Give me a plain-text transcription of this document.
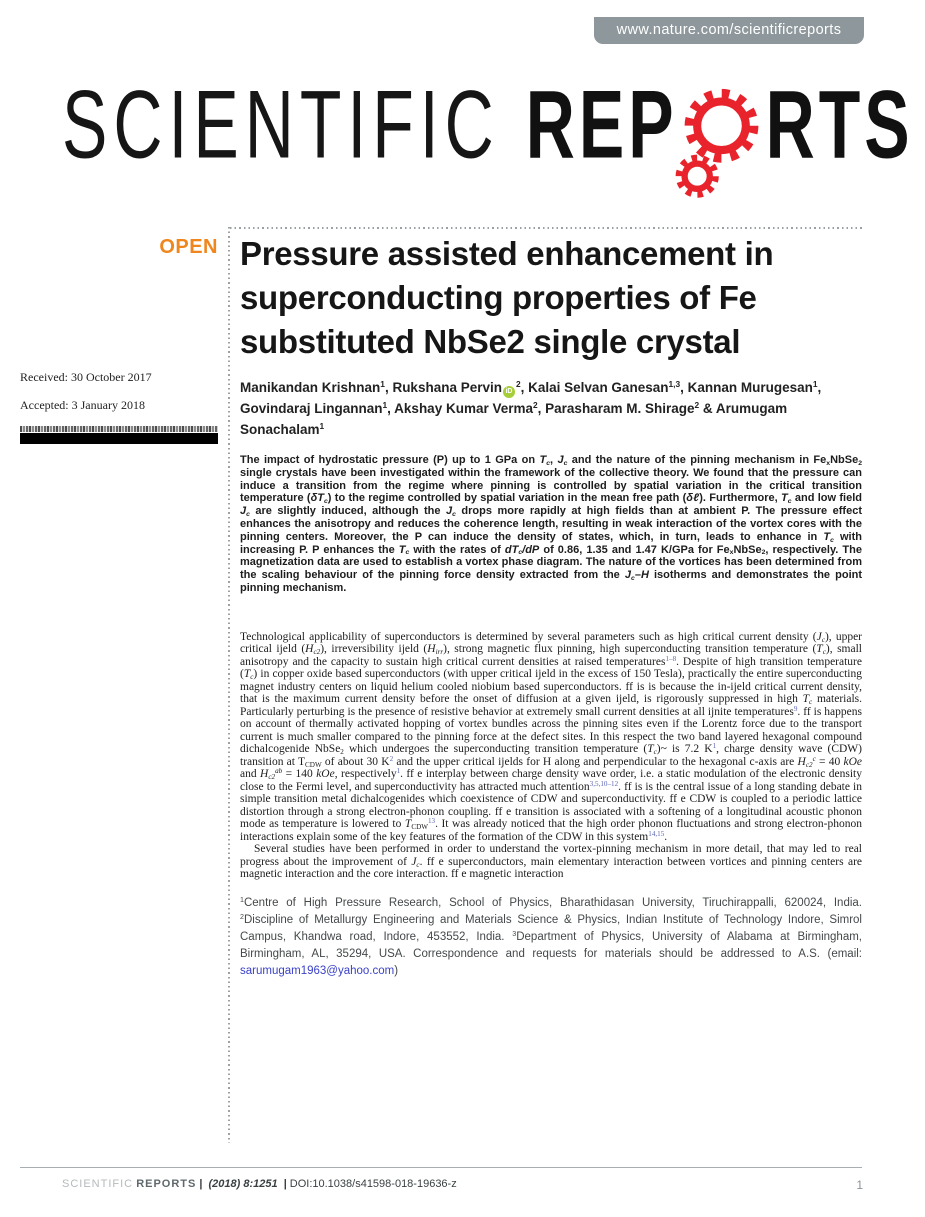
www.nature.com/scientificreports
SCIENTIFIC REP RTS
OPEN

Received: 30 October 2017

Accepted: 3 January 2018

Pressure assisted enhancement in
superconducting properties of Fe
substituted NbSe2 single crystal
Manikandan Krishnan$^1$, Rukshana Pervin $iD^2$, Kalai Selvan Ganesan$^{1,3}$, Kannan Murugesan$^1$, Govindaraj Lingannan$^1$, Akshay Kumar Verma$^2$, Parasharam M. Shirage$^2$ & Arumugam Sonachalam$^1$
The impact of hydrostatic pressure (P) up to 1 GPa on $T_c$, $J_c$ and the nature of the pinning mechanism in $Fe_xNbSe_2$ single crystals have been investigated within the framework of the collective theory. We found that the pressure can induce a transition from the regime where pinning is controlled by spatial variation in the critical transition temperature $(\delta T_c)$ to the regime controlled by spatial variation in the mean free path (δℓ). Furthermore, $T_c$ and low field $J_c$ are slightly induced, although the $J_c$ drops more rapidly at high fields than at ambient P. The pressure effect enhances the anisotropy and reduces the coherence length, resulting in weak interaction of the vortex cores with the pinning centers. Moreover, the P can induce the density of states, which, in turn, leads to enhance in $T_c$ with increasing P. P enhances the $T_c$ with the rates of $dT_c/dP$ of 0.86, 1.35 and 1.47 K/GPa for $Fe_xNbSe_2$, respectively. The magnetization data are used to establish a vortex phase diagram. The nature of the vortices has been determined from the scaling behaviour of the pinning force density extracted from the $J_c-H$ isotherms and demonstrates the point pinning mechanism.

Technological applicability of superconductors is determined by several parameters such as high critical current density $(J_c)$, upper critical ijeld $(H_{c2})$, irreversibility ijeld $(H_{irr})$, strong magnetic flux pinning, high superconducting transition temperature $(T_c)$, small anisotropy and the capacity to sustain high critical current densities at raised temperatures$^{1-8}$. Despite of high transition temperature $(T_c)$ in copper oxide based superconductors (with upper critical ijeld in the excess of 150 Tesla), practically the entire superconducting magnet industry centers on liquid helium cooled niobium based superconductors. ff is is because the in-ijeld critical current density, that is the maximum current density before the onset of diffusion at a given ijeld, is rigorously suppressed in high $T_c$ materials. Particularly perturbing is the presence of resistive behavior at extremely small current densities at all ijnite temperatures$^9$. ff is happens on account of thermally activated hopping of vortex bundles across the pinning sites even if the Lorentz force due to the transport current is much smaller compared to the pinning force at the defect sites. In this respect the two band layered hexagonal compound dichalcogenide NbSe$_2$ which undergoes the superconducting transition temperature $(T_c)\sim$ is 7.2 K$^1$, charge density wave (CDW) transition at $T_{CDW}$ of about 30 K$^2$ and the upper critical ijelds for H along and perpendicular to the hexagonal c-axis are $H_{c2}^c = 40$ kOe and $H_{c2}^{ab} = 140$ kOe, respectively$^1$. ff e interplay between charge density wave order, i.e. a static modulation of the electronic density close to the Fermi level, and superconductivity has attracted much attention$^{3,5,10-12}$. ff is is the central issue of a long standing debate in simple transition metal dichalcogenides which coexistence of CDW and superconductivity. ff e CDW is coupled to a periodic lattice distortion through a strong electron-phonon coupling. ff e transition is associated with a softening of a longitudinal acoustic phonon mode as temperature is lowered to $T_{CDW}^{13}$. It was already noticed that the high order phonon fluctuations and strong electron-phonon interactions explain some of the key features of the formation of the CDW in this system$^{14,15}$.

Several studies have been performed in order to understand the vortex-pinning mechanism in more detail, that may led to real progress about the improvement of $J_c$. ff e superconductors, main elementary interaction between vortices and pinning centers are magnetic interaction and the core interaction. ff e magnetic interaction

$^1$Centre of High Pressure Research, School of Physics, Bharathidasan University, Tiruchirappalli, 620024, India. $^2$Discipline of Metallurgy Engineering and Materials Science & Physics, Indian Institute of Technology Indore, Simrol Campus, Khandwa road, Indore, 453552, India. $^3$Department of Physics, University of Alabama at Birmingham, Birmingham, AL, 35294, USA. Correspondence and requests for materials should be addressed to A.S. (email: sarumugam1963@yahoo.com)
SCIENTIFIC REPORTS | (2018) 8:1251 | DOI:10.1038/s41598-018-19636-z	1
